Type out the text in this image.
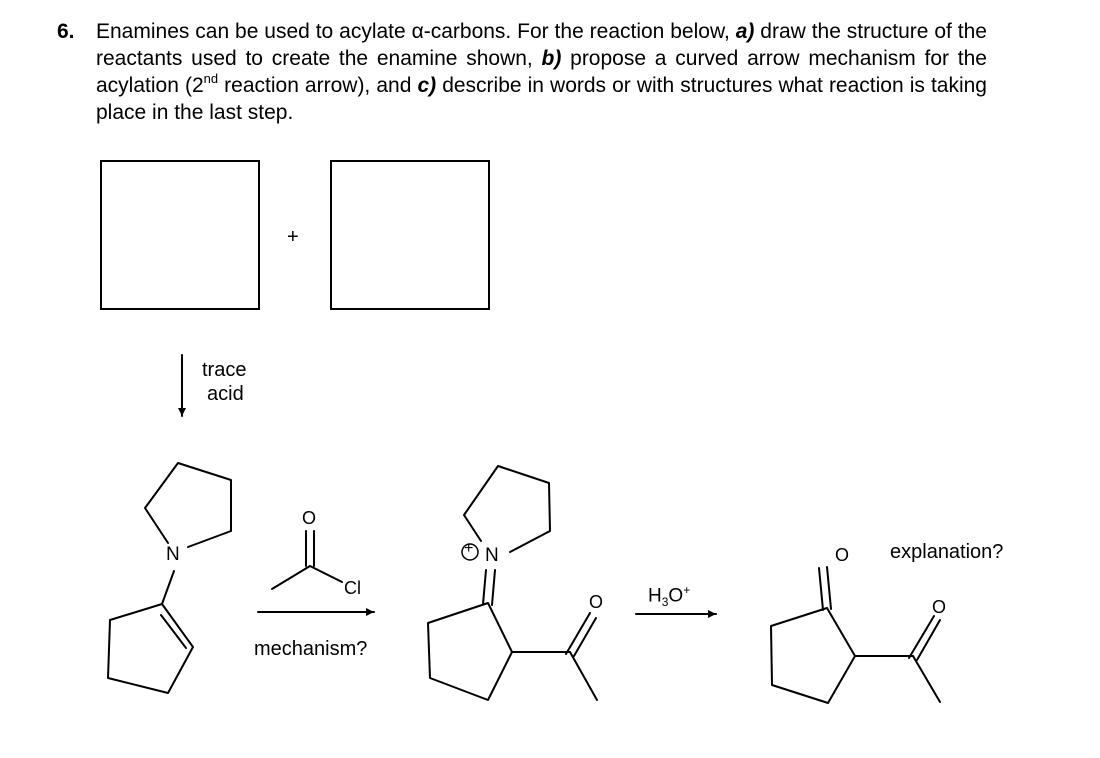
6. Enamines can be used to acylate α-carbons. For the reaction below, a) draw the structure of the reactants used to create the enamine shown, b) propose a curved arrow mechanism for the acylation (2nd reaction arrow), and c) describe in words or with structures what reaction is taking place in the last step.
+
trace
acid
N
O
Cl
mechanism?
+ N
O $H_3O^+$
O explanation?
O
